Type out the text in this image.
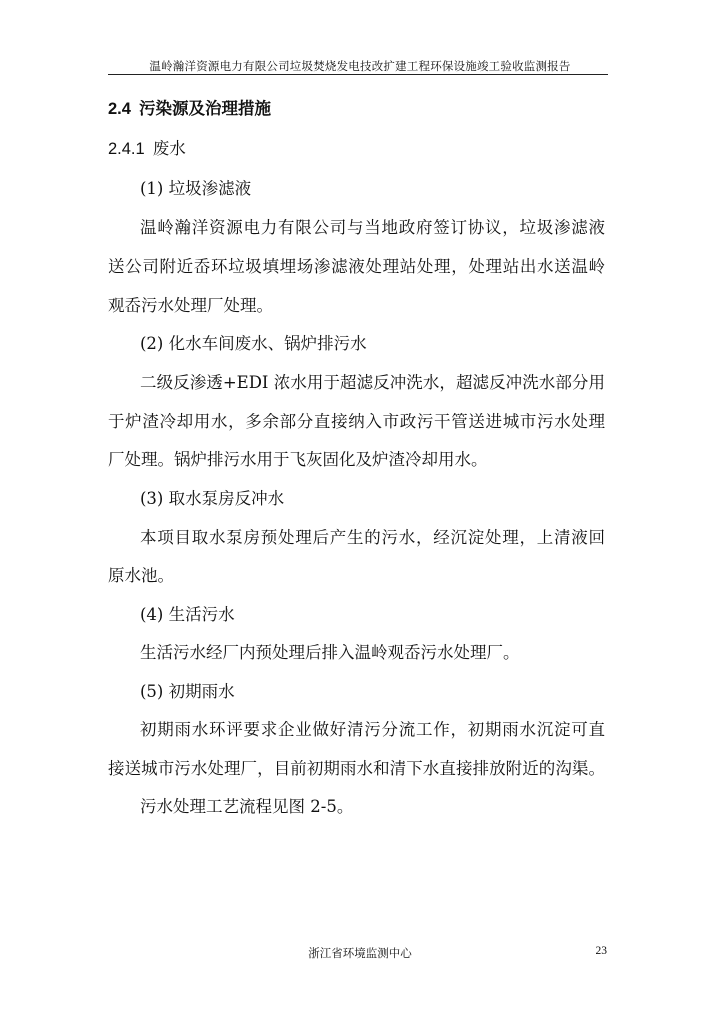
温岭瀚洋资源电力有限公司垃圾焚烧发电技改扩建工程环保设施竣工验收监测报告
2.4 污染源及治理措施
2.4.1 废水
(1) 垃圾渗滤液
温岭瀚洋资源电力有限公司与当地政府签订协议，垃圾渗滤液
送公司附近岙环垃圾填埋场渗滤液处理站处理，处理站出水送温岭
观岙污水处理厂处理。
(2) 化水车间废水、锅炉排污水
二级反渗透+EDI 浓水用于超滤反冲洗水，超滤反冲洗水部分用
于炉渣冷却用水，多余部分直接纳入市政污干管送进城市污水处理
厂处理。锅炉排污水用于飞灰固化及炉渣冷却用水。
(3) 取水泵房反冲水
本项目取水泵房预处理后产生的污水，经沉淀处理，上清液回
原水池。
(4) 生活污水
生活污水经厂内预处理后排入温岭观岙污水处理厂。
(5) 初期雨水
初期雨水环评要求企业做好清污分流工作，初期雨水沉淀可直
接送城市污水处理厂，目前初期雨水和清下水直接排放附近的沟渠。
污水处理工艺流程见图 2-5。
浙江省环境监测中心	23
